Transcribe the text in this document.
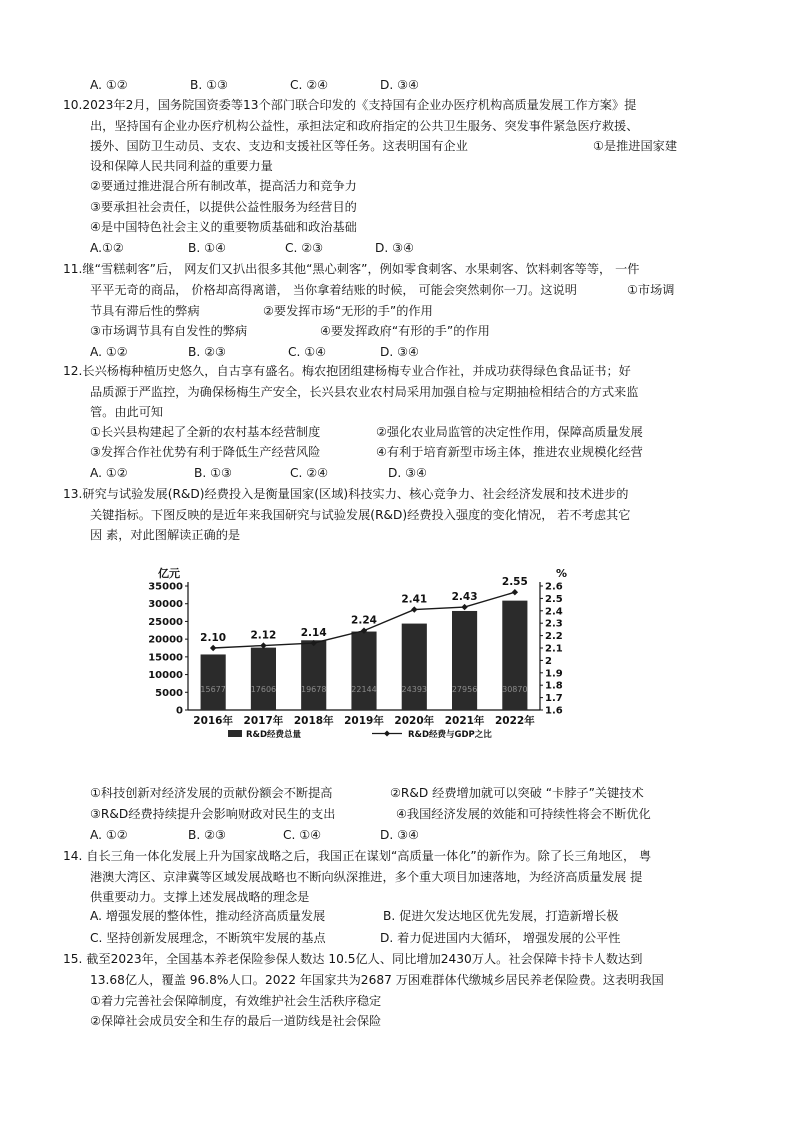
A. ①②	B. ①③	C. ②④	D. ③④
10.2023年2月，国务院国资委等13个部门联合印发的《支持国有企业办医疗机构高质量发展工作方案》提
出，坚持国有企业办医疗机构公益性，承担法定和政府指定的公共卫生服务、突发事件紧急医疗救援、
援外、国防卫生动员、支农、支边和支援社区等任务。这表明国有企业	①是推进国家建
设和保障人民共同利益的重要力量
②要通过推进混合所有制改革，提高活力和竞争力
③要承担社会责任，以提供公益性服务为经营目的
④是中国特色社会主义的重要物质基础和政治基础
A.①②	B. ①④	C. ②③	D. ③④
11.继“雪糕刺客”后， 网友们又扒出很多其他“黑心刺客”，例如零食刺客、水果刺客、饮料刺客等等， 一件
平平无奇的商品， 价格却高得离谱， 当你拿着结账的时候， 可能会突然刺你一刀。这说明	①市场调
节具有滞后性的弊病	②要发挥市场“无形的手”的作用
③市场调节具有自发性的弊病	④要发挥政府“有形的手”的作用
A. ①②	B. ②③	C. ①④	D. ③④
12.长兴杨梅种植历史悠久，自古享有盛名。梅农抱团组建杨梅专业合作社，并成功获得绿色食品证书；好
品质源于严监控，为确保杨梅生产安全，长兴县农业农村局采用加强自检与定期抽检相结合的方式来监
管。由此可知
①长兴县构建起了全新的农村基本经营制度	②强化农业局监管的决定性作用，保障高质量发展
③发挥合作社优势有利于降低生产经营风险	④有利于培育新型市场主体，推进农业规模化经营
A. ①②	B. ①③	C. ②④	D. ③④
13.研究与试验发展(R&D)经费投入是衡量国家(区域)科技实力、核心竞争力、社会经济发展和技术进步的
关键指标。下图反映的是近年来我国研究与试验发展(R&D)经费投入强度的变化情况， 若不考虑其它
因 素，对此图解读正确的是
亿元	%
0
5000
10000
15000
20000
25000
30000
35000
1.6
1.7
1.8
1.9
2
2.1
2.2
2.3
2.4
2.5
2.6
2016年 2017年 2018年 2019年 2020年 2021年 2022年
15677	17606	19678	22144	24393	27956	30870
2.10 2.12 2.14
2.24
2.41 2.43
2.55
R&D经费总量	R&D经费与GDP之比
①科技创新对经济发展的贡献份额会不断提高	②R&D 经费增加就可以突破 “卡脖子”关键技术
③R&D经费持续提升会影响财政对民生的支出	④我国经济发展的效能和可持续性将会不断优化
A. ①②	B. ②③	C. ①④	D. ③④
14. 自长三角一体化发展上升为国家战略之后，我国正在谋划“高质量一体化”的新作为。除了长三角地区， 粤
港澳大湾区、京津冀等区域发展战略也不断向纵深推进，多个重大项目加速落地，为经济高质量发展 提
供重要动力。支撑上述发展战略的理念是
A. 增强发展的整体性，推动经济高质量发展	B. 促进欠发达地区优先发展，打造新增长极
C. 坚持创新发展理念，不断筑牢发展的基点	D. 着力促进国内大循环， 增强发展的公平性
15. 截至2023年，全国基本养老保险参保人数达 10.5亿人、同比增加2430万人。社会保障卡持卡人数达到
13.68亿人，覆盖 96.8%人口。2022 年国家共为2687 万困难群体代缴城乡居民养老保险费。这表明我国
①着力完善社会保障制度，有效维护社会生活秩序稳定
②保障社会成员安全和生存的最后一道防线是社会保险
